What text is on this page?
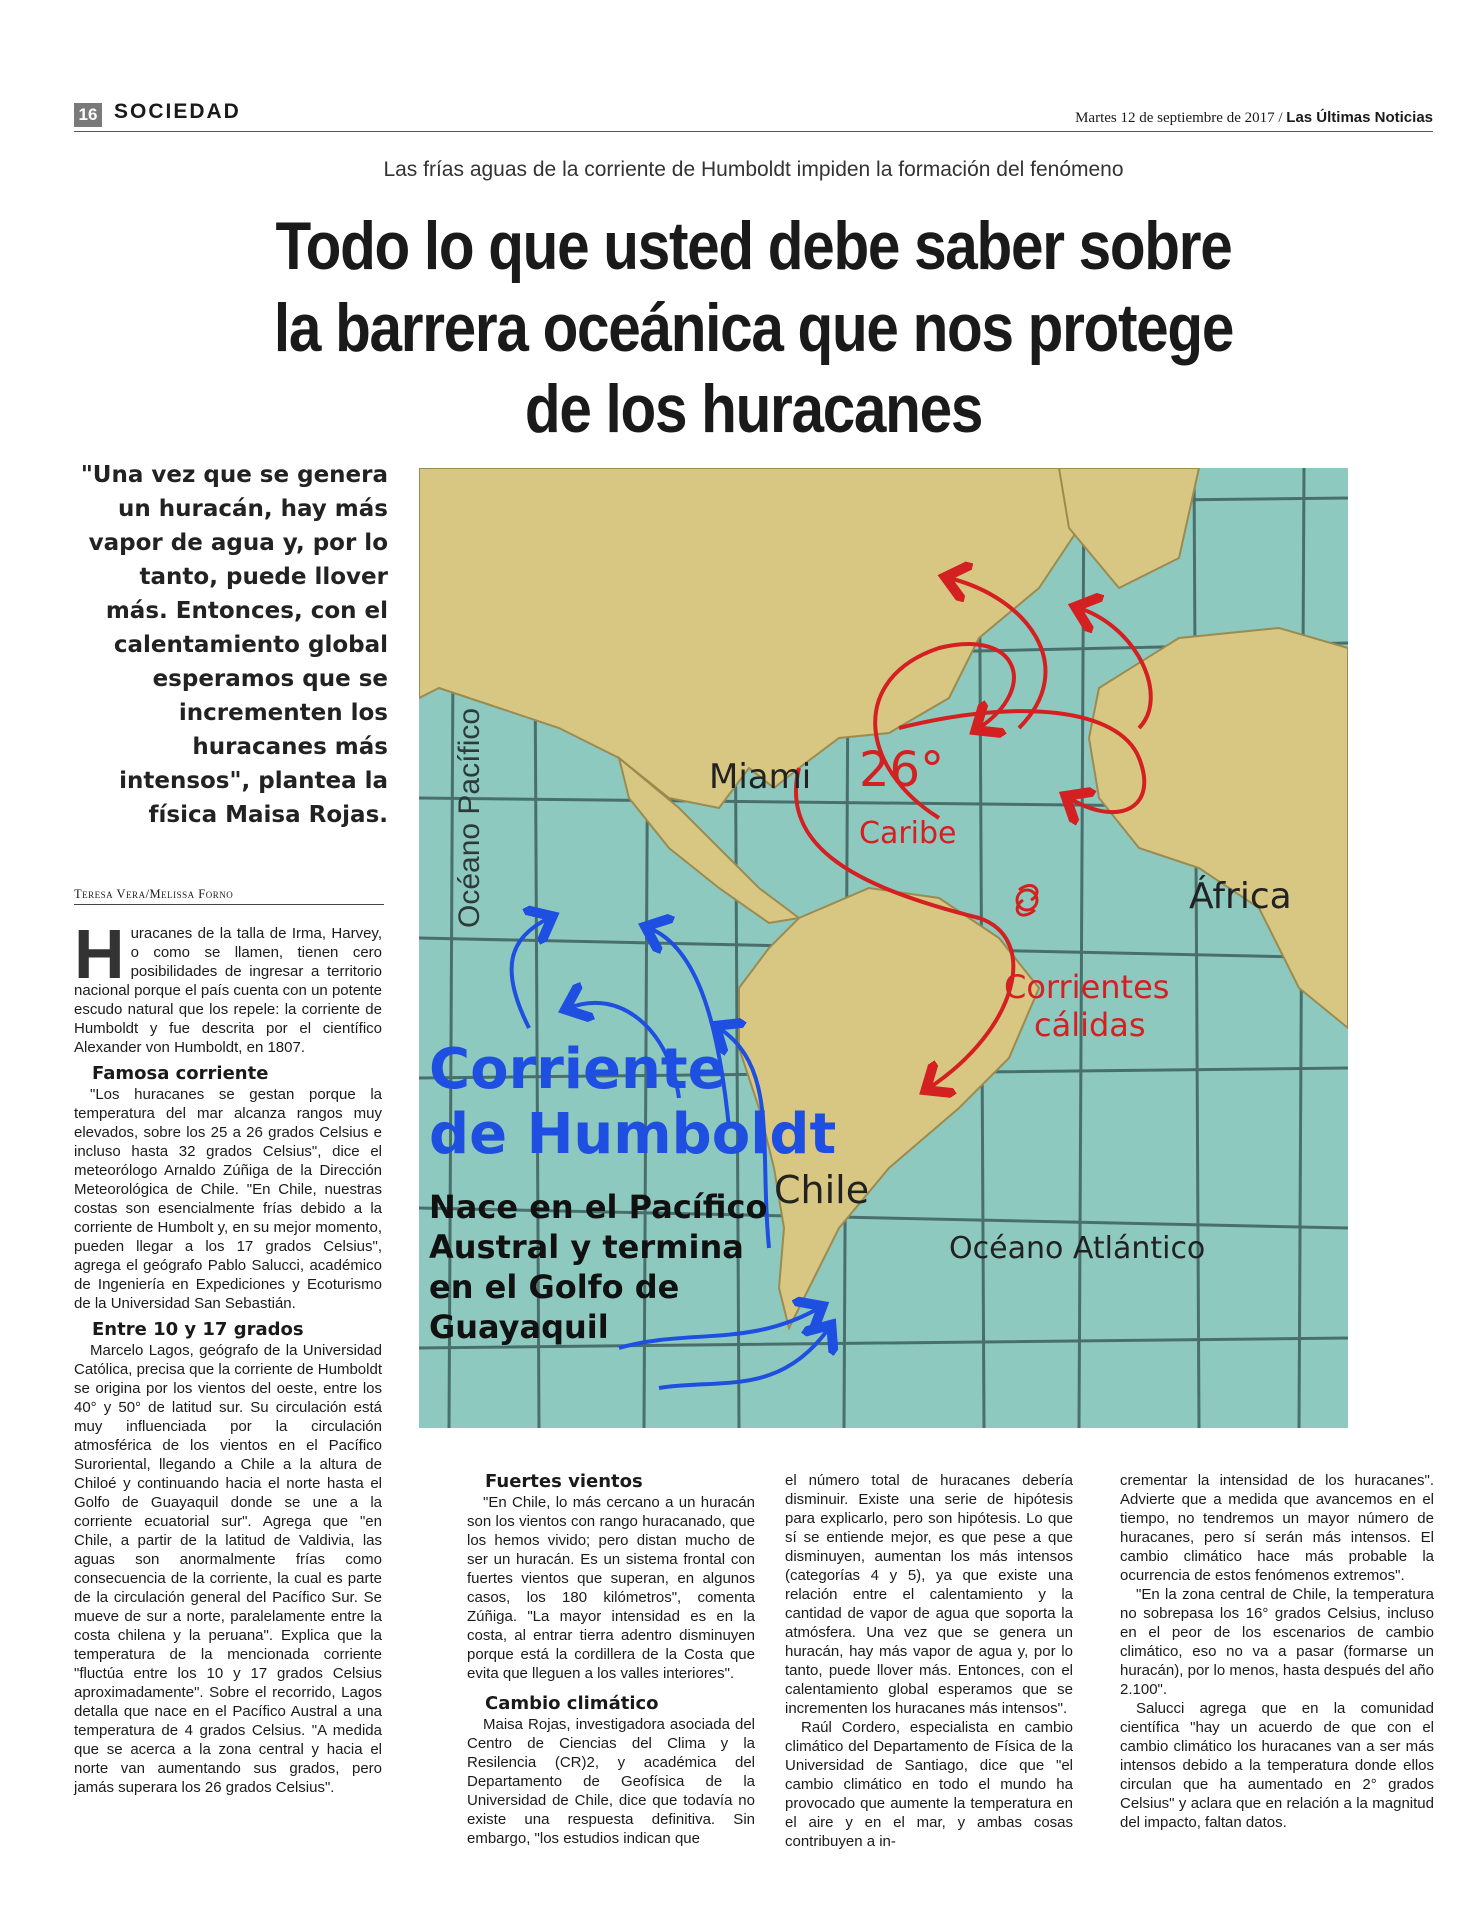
16 SOCIEDAD	Martes 12 de septiembre de 2017 / Las Últimas Noticias
Las frías aguas de la corriente de Humboldt impiden la formación del fenómeno
Todo lo que usted debe saber sobre
la barrera oceánica que nos protege
de los huracanes
"Una vez que se genera un huracán, hay más vapor de agua y, por lo tanto, puede llover más. Entonces, con el calentamiento global esperamos que se incrementen los huracanes más intensos", plantea la física Maisa Rojas.
Teresa Vera/Melissa Forno

Huracanes de la talla de Irma, Harvey, o como se llamen, tienen cero posibilidades de ingresar a territorio nacional porque el país cuenta con un potente escudo natural que los repele: la corriente de Humboldt y fue descrita por el científico Alexander von Humboldt, en 1807.

Famosa corriente

"Los huracanes se gestan porque la temperatura del mar alcanza rangos muy elevados, sobre los 25 a 26 grados Celsius e incluso hasta 32 grados Celsius", dice el meteorólogo Arnaldo Zúñiga de la Dirección Meteorológica de Chile. "En Chile, nuestras costas son esencialmente frías debido a la corriente de Humbolt y, en su mejor momento, pueden llegar a los 17 grados Celsius", agrega el geógrafo Pablo Salucci, académico de Ingeniería en Expediciones y Ecoturismo de la Universidad San Sebastián.

Entre 10 y 17 grados

Marcelo Lagos, geógrafo de la Universidad Católica, precisa que la corriente de Humboldt se origina por los vientos del oeste, entre los 40° y 50° de latitud sur. Su circulación está muy influenciada por la circulación atmosférica de los vientos en el Pacífico Suroriental, llegando a Chile a la altura de Chiloé y continuando hacia el norte hasta el Golfo de Guayaquil donde se une a la corriente ecuatorial sur". Agrega que "en Chile, a partir de la latitud de Valdivia, las aguas son anormalmente frías como consecuencia de la corriente, la cual es parte de la circulación general del Pacífico Sur. Se mueve de sur a norte, paralelamente entre la costa chilena y la peruana". Explica que la temperatura de la mencionada corriente "fluctúa entre los 10 y 17 grados Celsius aproximadamente". Sobre el recorrido, Lagos detalla que nace en el Pacífico Austral a una temperatura de 4 grados Celsius. "A medida que se acerca a la zona central y hacia el norte van aumentando sus grados, pero jamás superara los 26 grados Celsius".

Fuertes vientos

"En Chile, lo más cercano a un huracán son los vientos con rango huracanado, que los hemos vivido; pero distan mucho de ser un huracán. Es un sistema frontal con fuertes vientos que superan, en algunos casos, los 180 kilómetros", comenta Zúñiga. "La mayor intensidad es en la costa, al entrar tierra adentro disminuyen porque está la cordillera de la Costa que evita que lleguen a los valles interiores".

Cambio climático

Maisa Rojas, investigadora asociada del Centro de Ciencias del Clima y la Resilencia (CR)2, y académica del Departamento de Geofísica de la Universidad de Chile, dice que todavía no existe una respuesta definitiva. Sin embargo, "los estudios indican que

el número total de huracanes debería disminuir. Existe una serie de hipótesis para explicarlo, pero son hipótesis. Lo que sí se entiende mejor, es que pese a que disminuyen, aumentan los más intensos (categorías 4 y 5), ya que existe una relación entre el calentamiento y la cantidad de vapor de agua que soporta la atmósfera. Una vez que se genera un huracán, hay más vapor de agua y, por lo tanto, puede llover más. Entonces, con el calentamiento global esperamos que se incrementen los huracanes más intensos".

Raúl Cordero, especialista en cambio climático del Departamento de Física de la Universidad de Santiago, dice que "el cambio climático en todo el mundo ha provocado que aumente la temperatura en el aire y en el mar, y ambas cosas contribuyen a in-

crementar la intensidad de los huracanes". Advierte que a medida que avancemos en el tiempo, no tendremos un mayor número de huracanes, pero sí serán más intensos. El cambio climático hace más probable la ocurrencia de estos fenómenos extremos".

"En la zona central de Chile, la temperatura no sobrepasa los 16° grados Celsius, incluso en el peor de los escenarios de cambio climático, eso no va a pasar (formarse un huracán), por lo menos, hasta después del año 2.100".

Salucci agrega que en la comunidad científica "hay un acuerdo de que con el cambio climático los huracanes van a ser más intensos debido a la temperatura donde ellos circulan que ha aumentado en 2° grados Celsius" y aclara que en relación a la magnitud del impacto, faltan datos.

Océano Pacífico	Miami 26°
Caribe
África
Corrientes
cálidas
Chile
Océano Atlántico
Corriente
de Humboldt
Nace en el Pacífico
Austral y termina
en el Golfo de
Guayaquil
